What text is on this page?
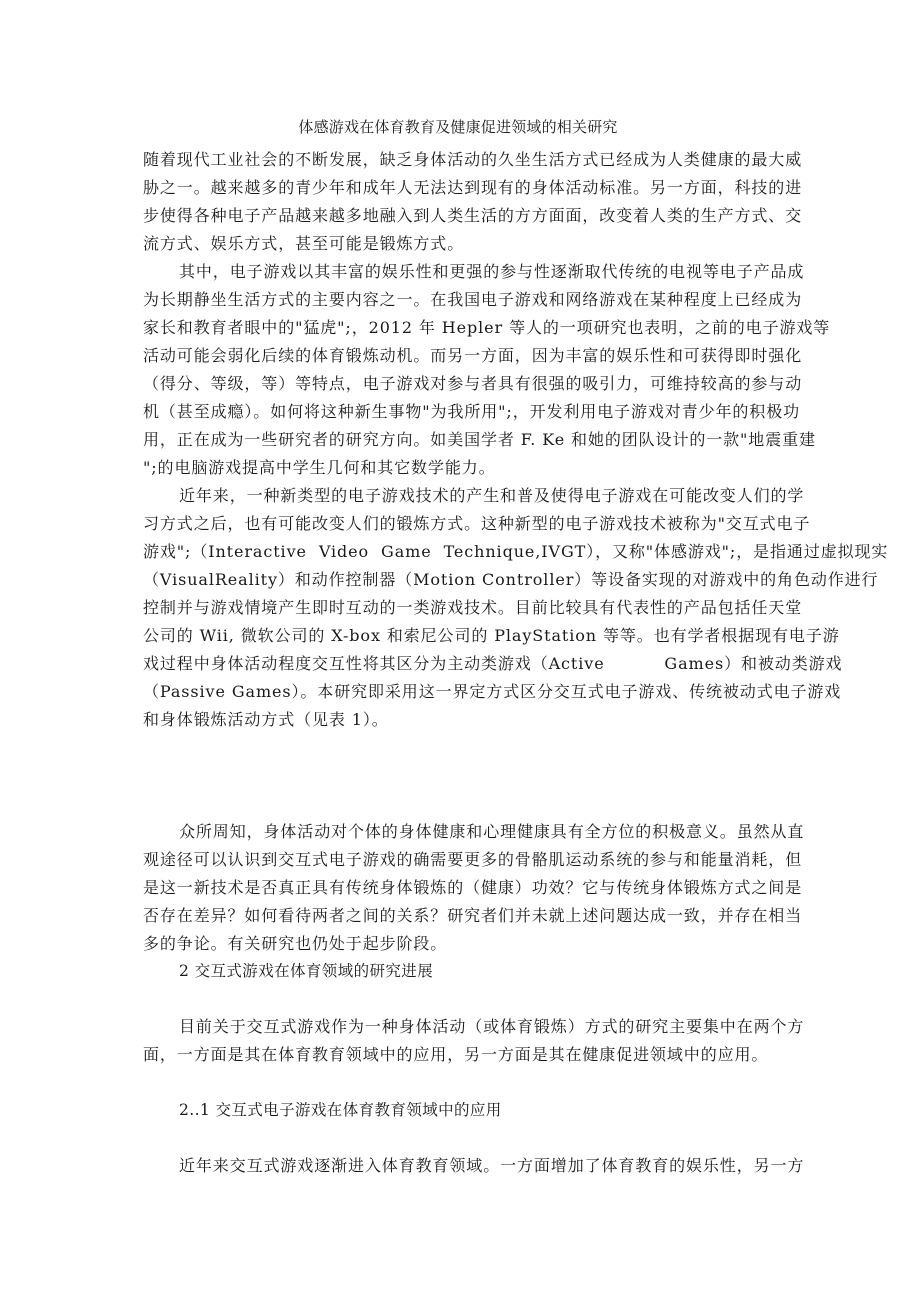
体感游戏在体育教育及健康促进领域的相关研究
随着现代工业社会的不断发展，缺乏身体活动的久坐生活方式已经成为人类健康的最大威
胁之一。越来越多的青少年和成年人无法达到现有的身体活动标准。另一方面，科技的进
步使得各种电子产品越来越多地融入到人类生活的方方面面，改变着人类的生产方式、交
流方式、娱乐方式，甚至可能是锻炼方式。
其中，电子游戏以其丰富的娱乐性和更强的参与性逐渐取代传统的电视等电子产品成
为长期静坐生活方式的主要内容之一。在我国电子游戏和网络游戏在某种程度上已经成为
家长和教育者眼中的"猛虎";，2012 年 Hepler 等人的一项研究也表明，之前的电子游戏等
活动可能会弱化后续的体育锻炼动机。而另一方面，因为丰富的娱乐性和可获得即时强化
（得分、等级，等）等特点，电子游戏对参与者具有很强的吸引力，可维持较高的参与动
机（甚至成瘾）。如何将这种新生事物"为我所用";，开发利用电子游戏对青少年的积极功
用，正在成为一些研究者的研究方向。如美国学者 F. Ke 和她的团队设计的一款"地震重建
";的电脑游戏提高中学生几何和其它数学能力。
近年来，一种新类型的电子游戏技术的产生和普及使得电子游戏在可能改变人们的学
习方式之后，也有可能改变人们的锻炼方式。这种新型的电子游戏技术被称为"交互式电子
游戏";（Interactive  Video  Game  Technique,IVGT），又称"体感游戏";，是指通过虚拟现实
（VisualReality）和动作控制器（Motion Controller）等设备实现的对游戏中的角色动作进行
控制并与游戏情境产生即时互动的一类游戏技术。目前比较具有代表性的产品包括任天堂
公司的 Wii, 微软公司的 X-box 和索尼公司的 PlayStation 等等。也有学者根据现有电子游
戏过程中身体活动程度交互性将其区分为主动类游戏（Active          Games）和被动类游戏
（Passive Games）。本研究即采用这一界定方式区分交互式电子游戏、传统被动式电子游戏
和身体锻炼活动方式（见表 1）。
众所周知，身体活动对个体的身体健康和心理健康具有全方位的积极意义。虽然从直
观途径可以认识到交互式电子游戏的确需要更多的骨骼肌运动系统的参与和能量消耗，但
是这一新技术是否真正具有传统身体锻炼的（健康）功效？它与传统身体锻炼方式之间是
否存在差异？如何看待两者之间的关系？研究者们并未就上述问题达成一致，并存在相当
多的争论。有关研究也仍处于起步阶段。
2 交互式游戏在体育领域的研究进展
目前关于交互式游戏作为一种身体活动（或体育锻炼）方式的研究主要集中在两个方
面，一方面是其在体育教育领域中的应用，另一方面是其在健康促进领域中的应用。
2..1 交互式电子游戏在体育教育领域中的应用
近年来交互式游戏逐渐进入体育教育领域。一方面增加了体育教育的娱乐性，另一方
